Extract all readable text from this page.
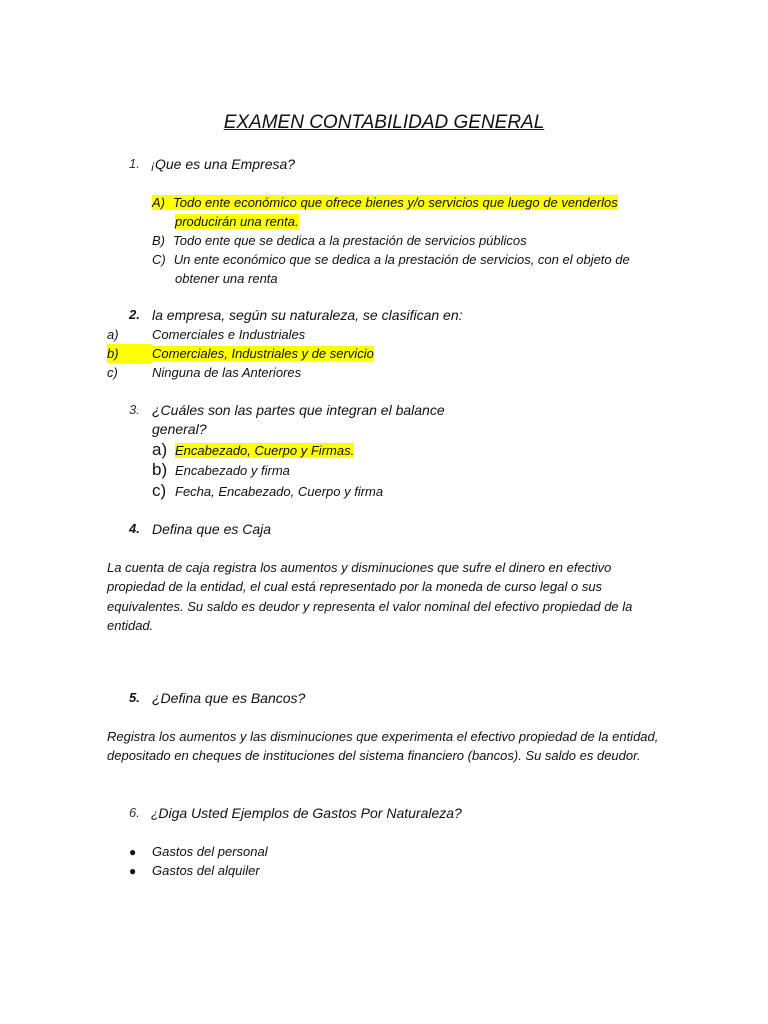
EXAMEN CONTABILIDAD GENERAL
1. ¡Que es una Empresa?
A) Todo ente económico que ofrece bienes y/o servicios que luego de venderlos
producirán una renta.
B) Todo ente que se dedica a la prestación de servicios públicos
C) Un ente económico que se dedica a la prestación de servicios, con el objeto de
obtener una renta
2. la empresa, según su naturaleza, se clasifican en:
a)	Comerciales e Industriales
b)	Comerciales, Industriales y de servicio
c)	Ninguna de las Anteriores
3. ¿Cuáles son las partes que integran el balance
general?
a) Encabezado, Cuerpo y Firmas.
b) Encabezado y firma
c) Fecha, Encabezado, Cuerpo y firma
4. Defina que es Caja
La cuenta de caja registra los aumentos y disminuciones que sufre el dinero en efectivo propiedad de la entidad, el cual está representado por la moneda de curso legal o sus equivalentes. Su saldo es deudor y representa el valor nominal del efectivo propiedad de la entidad.
5. ¿Defina que es Bancos?
Registra los aumentos y las disminuciones que experimenta el efectivo propiedad de la entidad, depositado en cheques de instituciones del sistema financiero (bancos). Su saldo es deudor.
6. ¿Diga Usted Ejemplos de Gastos Por Naturaleza?
● Gastos del personal
● Gastos del alquiler
